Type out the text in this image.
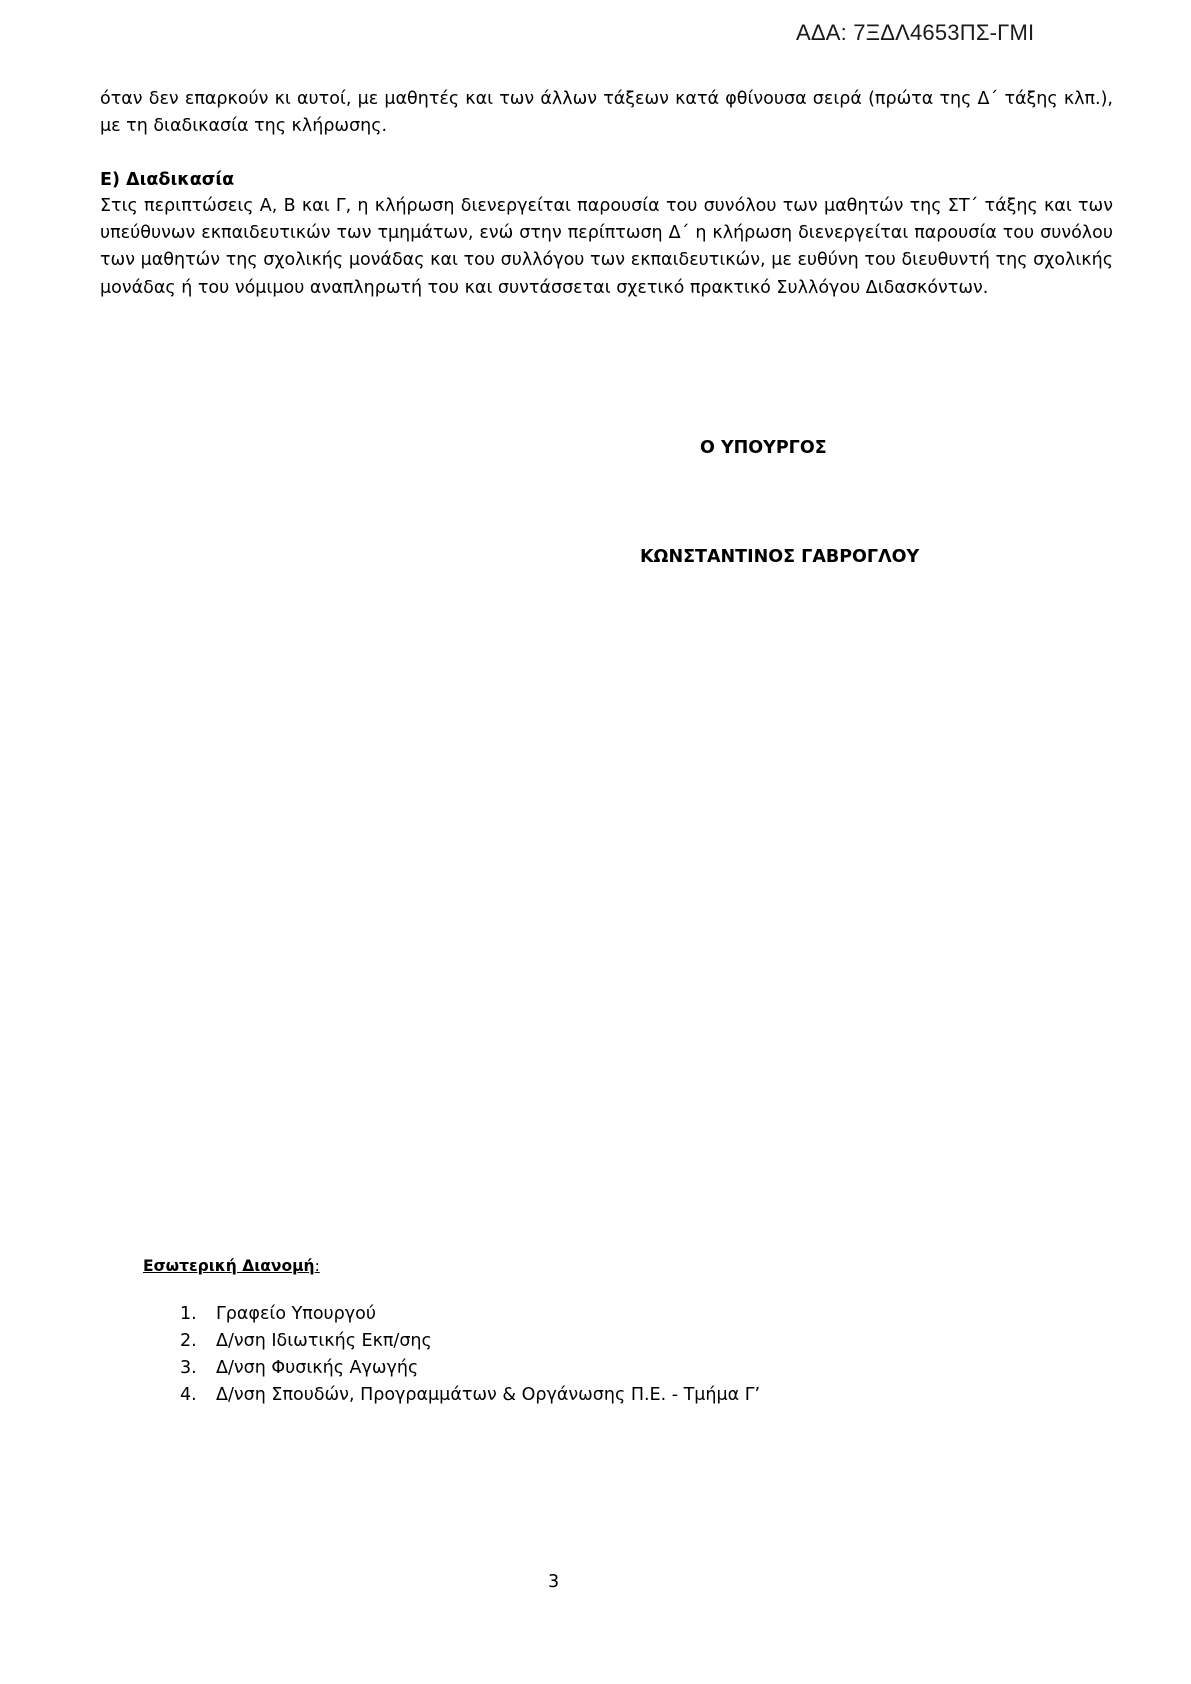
ΑΔΑ: 7ΞΔΛ4653ΠΣ-ΓΜΙ

όταν δεν επαρκούν κι αυτοί, με μαθητές και των άλλων τάξεων κατά φθίνουσα σειρά (πρώτα της Δ΄ τάξης κλπ.), με τη διαδικασία της κλήρωσης.

Ε) Διαδικασία

Στις περιπτώσεις Α, Β και Γ, η κλήρωση διενεργείται παρουσία του συνόλου των μαθητών της ΣΤ΄ τάξης και των υπεύθυνων εκπαιδευτικών των τμημάτων, ενώ στην περίπτωση Δ΄ η κλήρωση διενεργείται παρουσία του συνόλου των μαθητών της σχολικής μονάδας και του συλλόγου των εκπαιδευτικών, με ευθύνη του διευθυντή της σχολικής μονάδας ή του νόμιμου αναπληρωτή του και συντάσσεται σχετικό πρακτικό Συλλόγου Διδασκόντων.

Ο ΥΠΟΥΡΓΟΣ
ΚΩΝΣΤΑΝΤΙΝΟΣ ΓΑΒΡΟΓΛΟΥ
Εσωτερική Διανομή:
1.	Γραφείο Υπουργού
2.	Δ/νση Ιδιωτικής Εκπ/σης
3.	Δ/νση Φυσικής Αγωγής
4.	Δ/νση Σπουδών, Προγραμμάτων & Οργάνωσης Π.Ε. - Τμήμα Γ’
3
